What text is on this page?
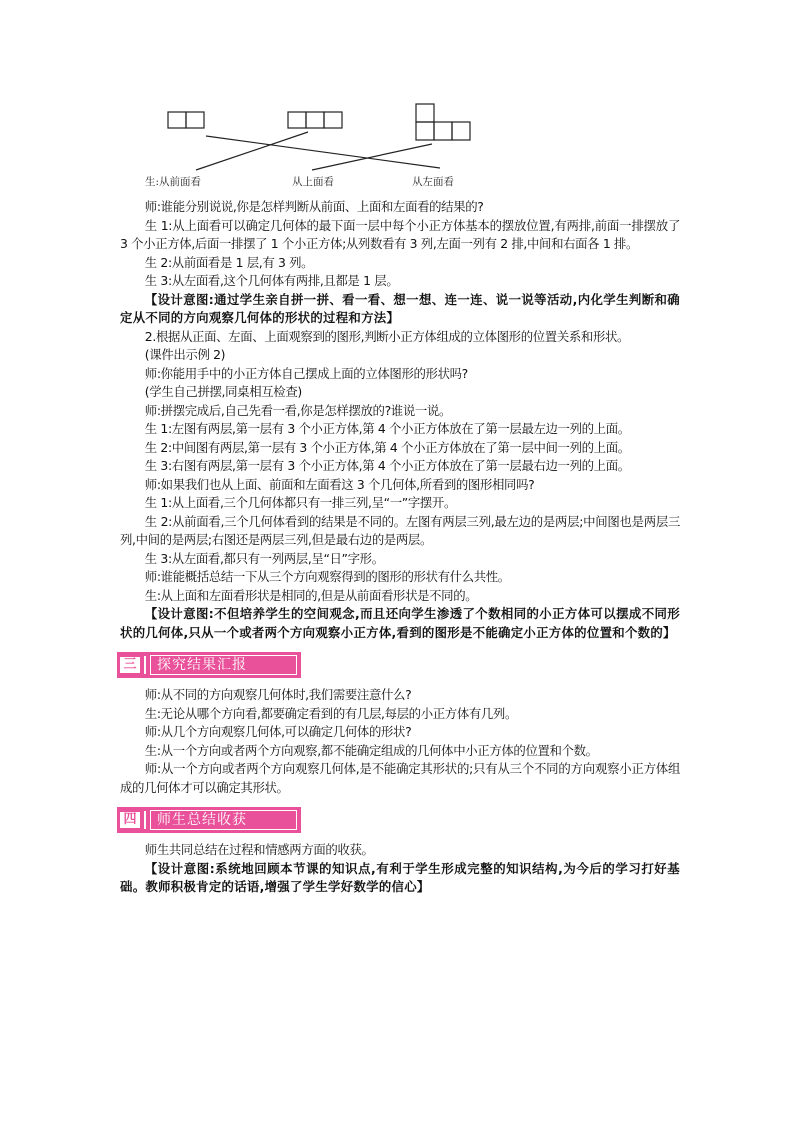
生:从前面看	从上面看	从左面看

师:谁能分别说说,你是怎样判断从前面、上面和左面看的结果的?

生 1:从上面看可以确定几何体的最下面一层中每个小正方体基本的摆放位置,有两排,前面一排摆放了 3 个小正方体,后面一排摆了 1 个小正方体;从列数看有 3 列,左面一列有 2 排,中间和右面各 1 排。

生 2:从前面看是 1 层,有 3 列。

生 3:从左面看,这个几何体有两排,且都是 1 层。

【设计意图:通过学生亲自拼一拼、看一看、想一想、连一连、说一说等活动,内化学生判断和确定从不同的方向观察几何体的形状的过程和方法】

2.根据从正面、左面、上面观察到的图形,判断小正方体组成的立体图形的位置关系和形状。

(课件出示例 2)

师:你能用手中的小正方体自己摆成上面的立体图形的形状吗?

(学生自己拼摆,同桌相互检查)

师:拼摆完成后,自己先看一看,你是怎样摆放的?谁说一说。

生 1:左图有两层,第一层有 3 个小正方体,第 4 个小正方体放在了第一层最左边一列的上面。

生 2:中间图有两层,第一层有 3 个小正方体,第 4 个小正方体放在了第一层中间一列的上面。

生 3:右图有两层,第一层有 3 个小正方体,第 4 个小正方体放在了第一层最右边一列的上面。

师:如果我们也从上面、前面和左面看这 3 个几何体,所看到的图形相同吗?

生 1:从上面看,三个几何体都只有一排三列,呈“一”字摆开。

生 2:从前面看,三个几何体看到的结果是不同的。左图有两层三列,最左边的是两层;中间图也是两层三列,中间的是两层;右图还是两层三列,但是最右边的是两层。

生 3:从左面看,都只有一列两层,呈“日”字形。

师:谁能概括总结一下从三个方向观察得到的图形的形状有什么共性。

生:从上面和左面看形状是相同的,但是从前面看形状是不同的。

【设计意图:不但培养学生的空间观念,而且还向学生渗透了个数相同的小正方体可以摆成不同形状的几何体,只从一个或者两个方向观察小正方体,看到的图形是不能确定小正方体的位置和个数的】

三	探究结果汇报

师:从不同的方向观察几何体时,我们需要注意什么?

生:无论从哪个方向看,都要确定看到的有几层,每层的小正方体有几列。

师:从几个方向观察几何体,可以确定几何体的形状?

生:从一个方向或者两个方向观察,都不能确定组成的几何体中小正方体的位置和个数。

师:从一个方向或者两个方向观察几何体,是不能确定其形状的;只有从三个不同的方向观察小正方体组成的几何体才可以确定其形状。

四	师生总结收获

师生共同总结在过程和情感两方面的收获。

【设计意图:系统地回顾本节课的知识点,有利于学生形成完整的知识结构,为今后的学习打好基础。教师积极肯定的话语,增强了学生学好数学的信心】
